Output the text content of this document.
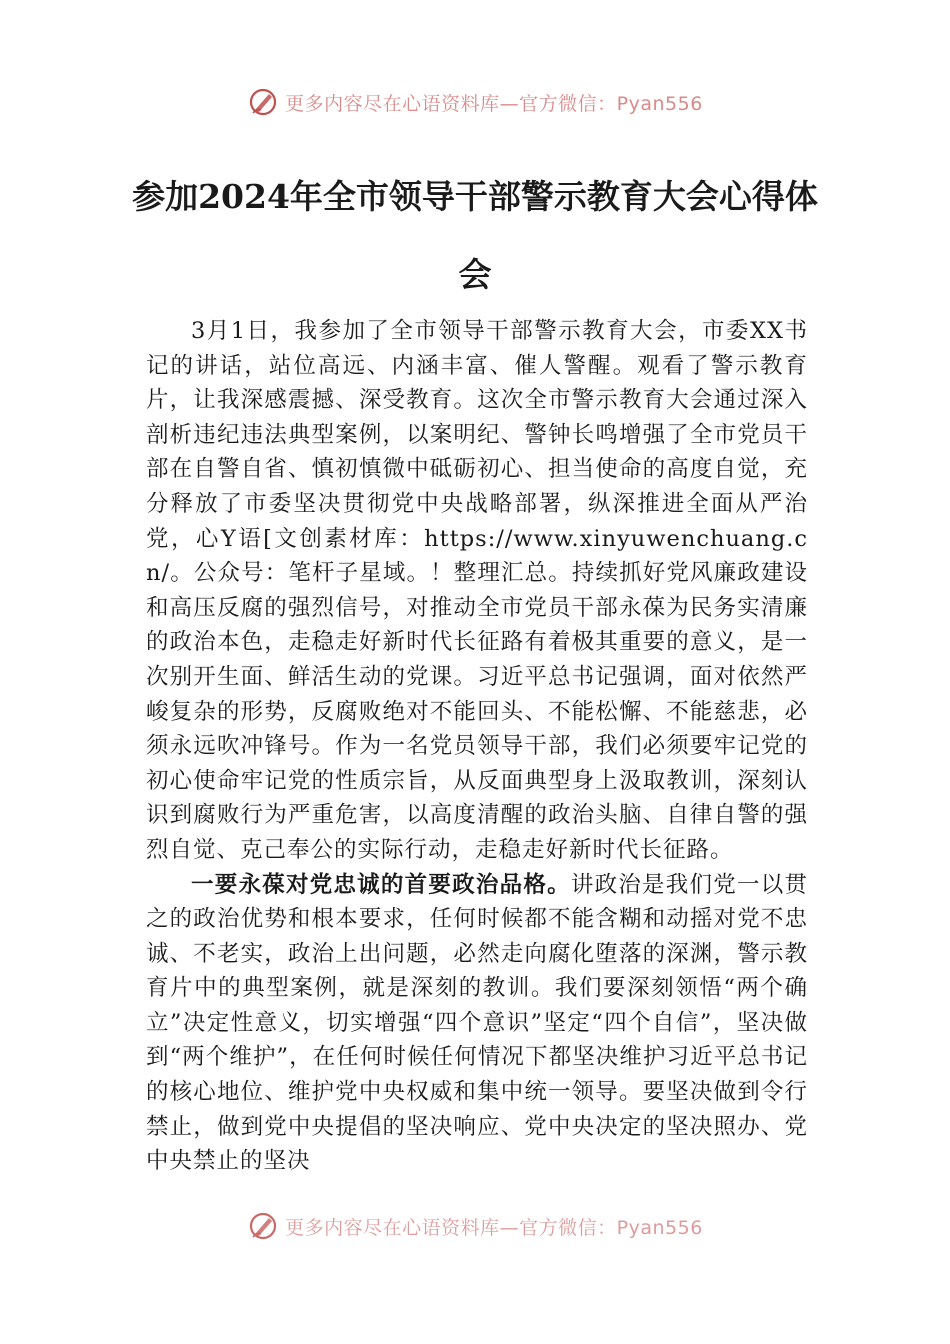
更多内容尽在心语资料库—官方微信：Pyan556
参加2024年全市领导干部警示教育大会心得体会

3月1日，我参加了全市领导干部警示教育大会，市委XX书记的讲话，站位高远、内涵丰富、催人警醒。观看了警示教育片，让我深感震撼、深受教育。这次全市警示教育大会通过深入剖析违纪违法典型案例，以案明纪、警钟长鸣增强了全市党员干部在自警自省、慎初慎微中砥砺初心、担当使命的高度自觉，充分释放了市委坚决贯彻党中央战略部署，纵深推进全面从严治党，心Y语[文创素材库：https://www.xinyuwenchuang.cn/。公众号：笔杆子星域。！整理汇总。持续抓好党风廉政建设和高压反腐的强烈信号，对推动全市党员干部永葆为民务实清廉的政治本色，走稳走好新时代长征路有着极其重要的意义，是一次别开生面、鲜活生动的党课。习近平总书记强调，面对依然严峻复杂的形势，反腐败绝对不能回头、不能松懈、不能慈悲，必须永远吹冲锋号。作为一名党员领导干部，我们必须要牢记党的初心使命牢记党的性质宗旨，从反面典型身上汲取教训，深刻认识到腐败行为严重危害，以高度清醒的政治头脑、自律自警的强烈自觉、克己奉公的实际行动，走稳走好新时代长征路。

一要永葆对党忠诚的首要政治品格。讲政治是我们党一以贯之的政治优势和根本要求，任何时候都不能含糊和动摇对党不忠诚、不老实，政治上出问题，必然走向腐化堕落的深渊，警示教育片中的典型案例，就是深刻的教训。我们要深刻领悟“两个确立”决定性意义，切实增强“四个意识”坚定“四个自信”，坚决做到“两个维护”，在任何时候任何情况下都坚决维护习近平总书记的核心地位、维护党中央权威和集中统一领导。要坚决做到令行禁止，做到党中央提倡的坚决响应、党中央决定的坚决照办、党中央禁止的坚决

更多内容尽在心语资料库—官方微信：Pyan556
